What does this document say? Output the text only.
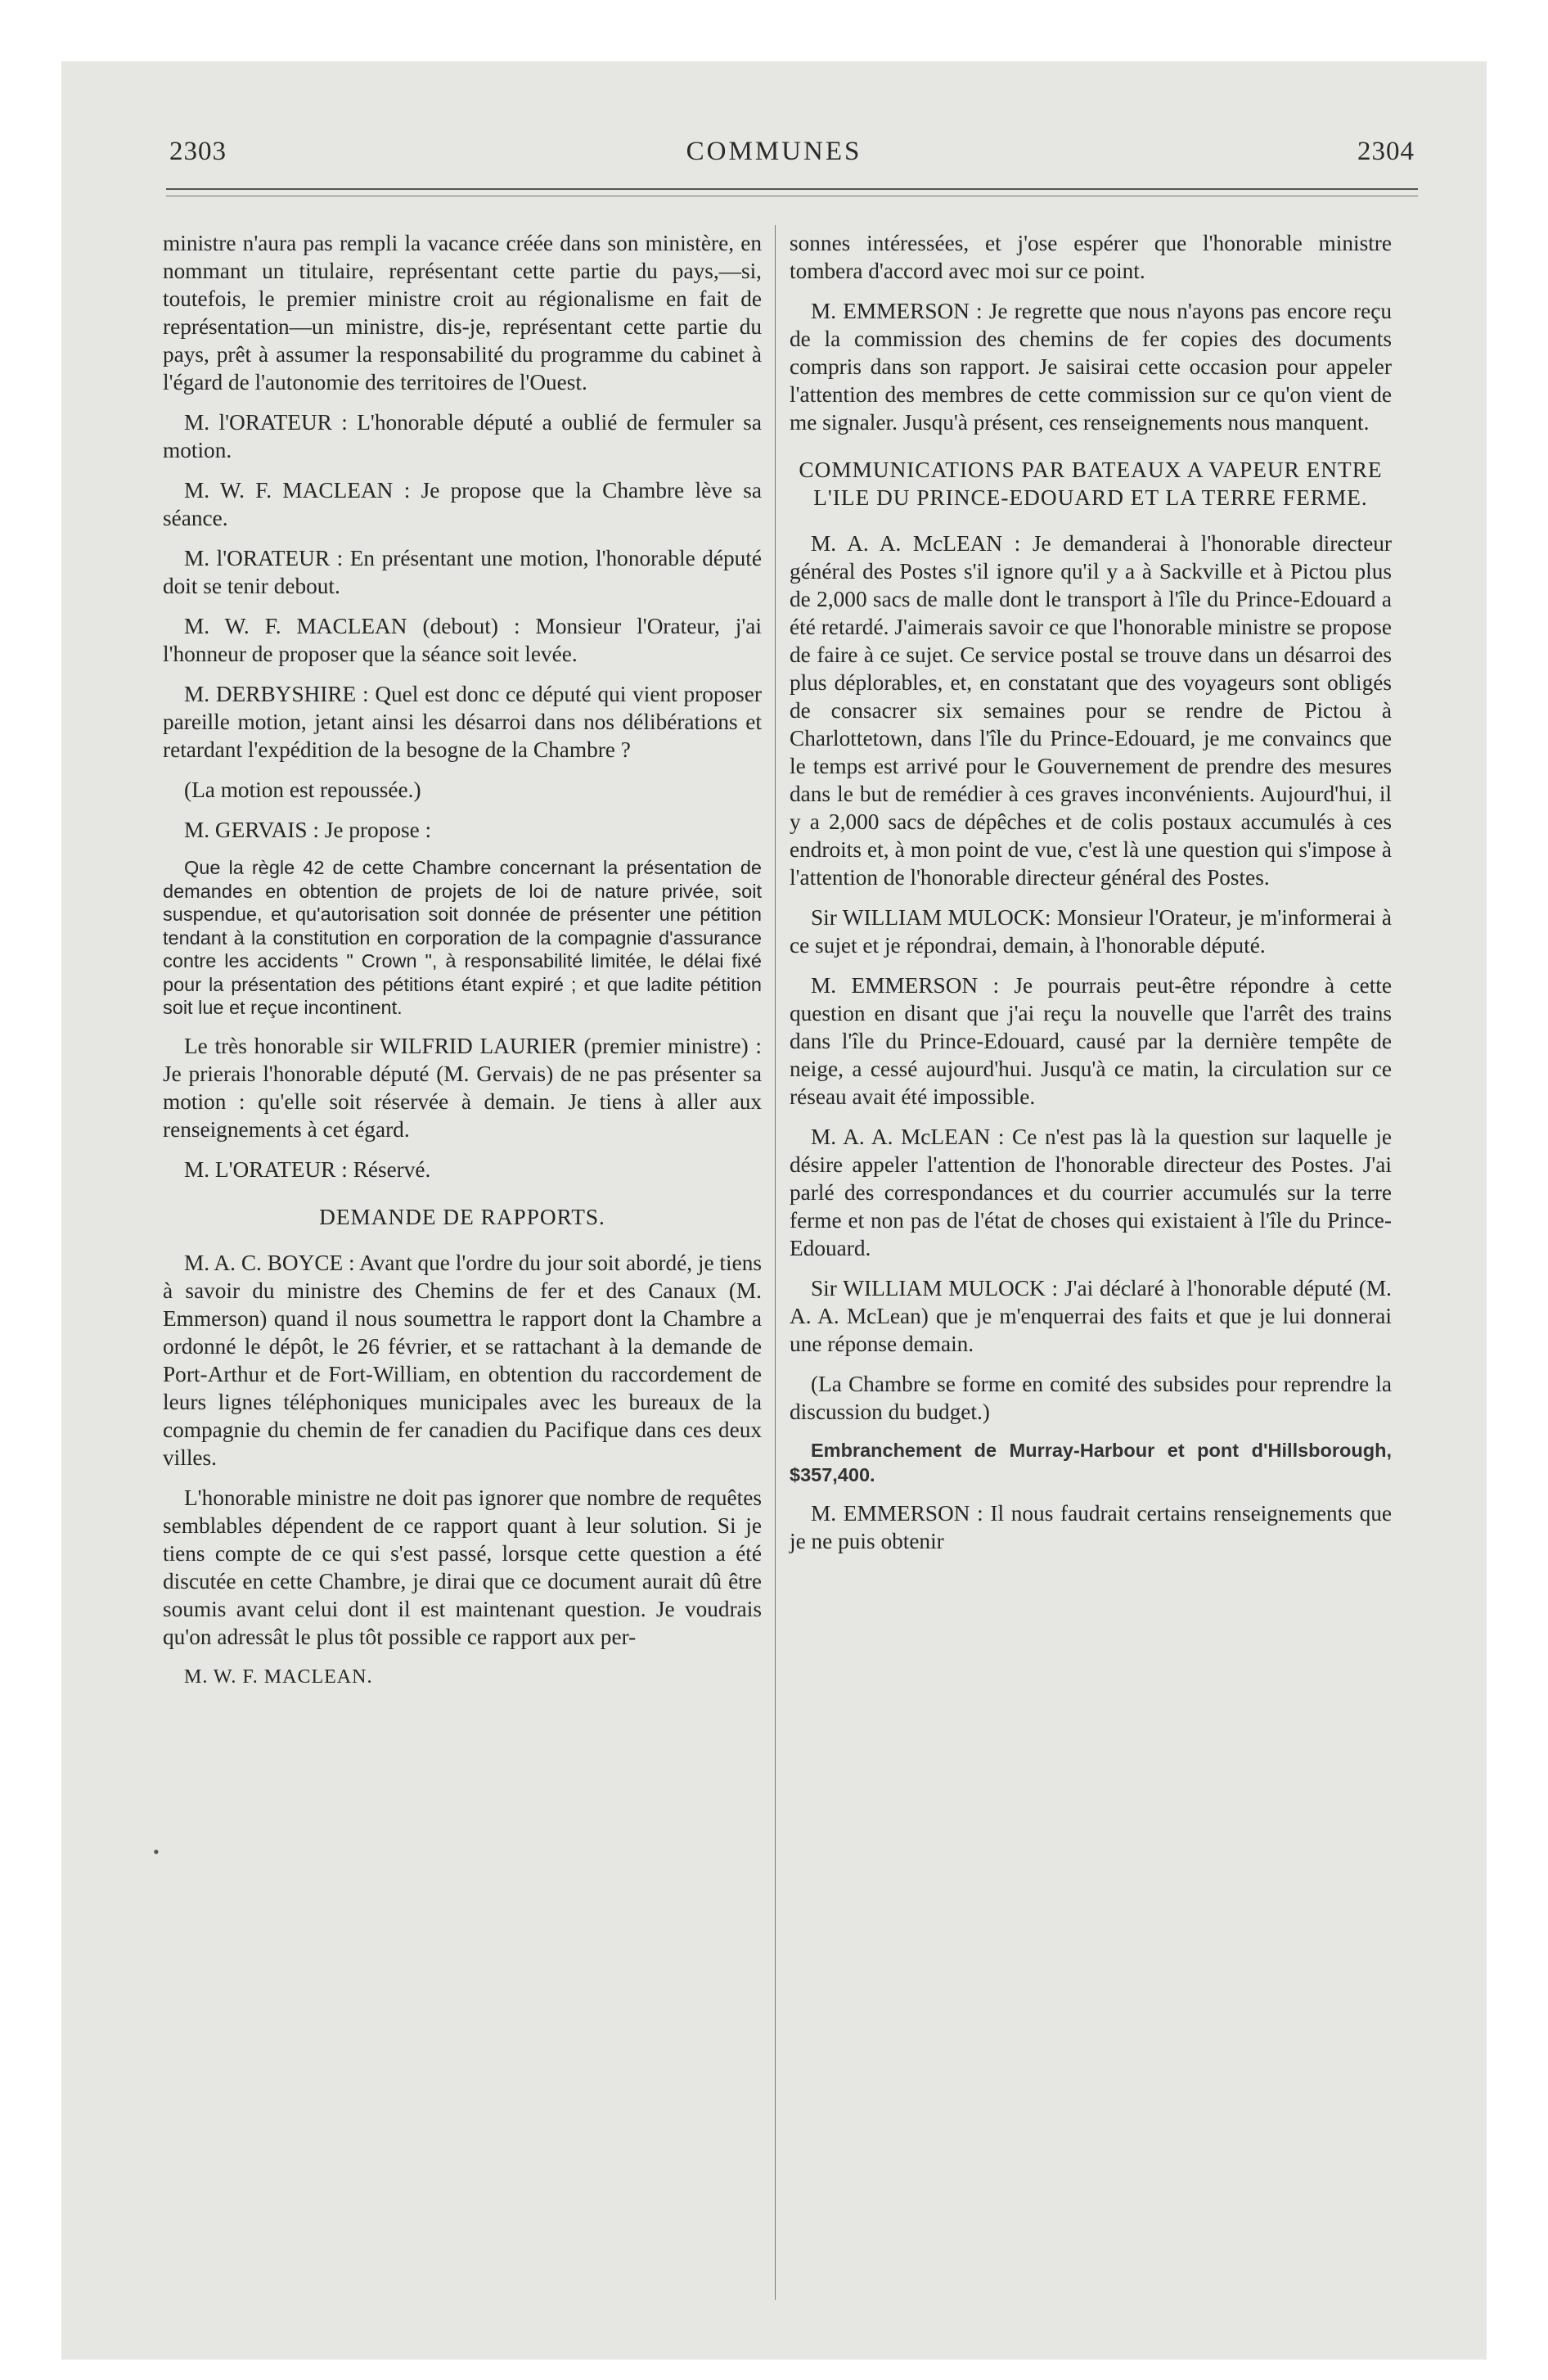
2303	COMMUNES	2304
•

ministre n'aura pas rempli la vacance créée dans son ministère, en nommant un titulaire, représentant cette partie du pays,—si, toutefois, le premier ministre croit au régionalisme en fait de représentation—un ministre, dis-je, représentant cette partie du pays, prêt à assumer la responsabilité du programme du cabinet à l'égard de l'autonomie des territoires de l'Ouest.

M. l'ORATEUR : L'honorable député a oublié de fermuler sa motion.

M. W. F. MACLEAN : Je propose que la Chambre lève sa séance.

M. l'ORATEUR : En présentant une motion, l'honorable député doit se tenir debout.

M. W. F. MACLEAN (debout) : Monsieur l'Orateur, j'ai l'honneur de proposer que la séance soit levée.

M. DERBYSHIRE : Quel est donc ce député qui vient proposer pareille motion, jetant ainsi les désarroi dans nos délibérations et retardant l'expédition de la besogne de la Chambre ?

(La motion est repoussée.)

M. GERVAIS : Je propose :

Que la règle 42 de cette Chambre concernant la présentation de demandes en obtention de projets de loi de nature privée, soit suspendue, et qu'autorisation soit donnée de présenter une pétition tendant à la constitution en corporation de la compagnie d'assurance contre les accidents " Crown ", à responsabilité limitée, le délai fixé pour la présentation des pétitions étant expiré ; et que ladite pétition soit lue et reçue incontinent.

Le très honorable sir WILFRID LAURIER (premier ministre) : Je prierais l'honorable député (M. Gervais) de ne pas présenter sa motion : qu'elle soit réservée à demain. Je tiens à aller aux renseignements à cet égard.

M. L'ORATEUR : Réservé.

DEMANDE DE RAPPORTS.

M. A. C. BOYCE : Avant que l'ordre du jour soit abordé, je tiens à savoir du ministre des Chemins de fer et des Canaux (M. Emmerson) quand il nous soumettra le rapport dont la Chambre a ordonné le dépôt, le 26 février, et se rattachant à la demande de Port-Arthur et de Fort-William, en obtention du raccordement de leurs lignes téléphoniques municipales avec les bureaux de la compagnie du chemin de fer canadien du Pacifique dans ces deux villes.

L'honorable ministre ne doit pas ignorer que nombre de requêtes semblables dépendent de ce rapport quant à leur solution. Si je tiens compte de ce qui s'est passé, lorsque cette question a été discutée en cette Chambre, je dirai que ce document aurait dû être soumis avant celui dont il est maintenant question. Je voudrais qu'on adressât le plus tôt possible ce rapport aux per-

M. W. F. MACLEAN.

sonnes intéressées, et j'ose espérer que l'honorable ministre tombera d'accord avec moi sur ce point.

M. EMMERSON : Je regrette que nous n'ayons pas encore reçu de la commission des chemins de fer copies des documents compris dans son rapport. Je saisirai cette occasion pour appeler l'attention des membres de cette commission sur ce qu'on vient de me signaler. Jusqu'à présent, ces renseignements nous manquent.

COMMUNICATIONS PAR BATEAUX A VAPEUR ENTRE L'ILE DU PRINCE-EDOUARD ET LA TERRE FERME.

M. A. A. McLEAN : Je demanderai à l'honorable directeur général des Postes s'il ignore qu'il y a à Sackville et à Pictou plus de 2,000 sacs de malle dont le transport à l'île du Prince-Edouard a été retardé. J'aimerais savoir ce que l'honorable ministre se propose de faire à ce sujet. Ce service postal se trouve dans un désarroi des plus déplorables, et, en constatant que des voyageurs sont obligés de consacrer six semaines pour se rendre de Pictou à Charlottetown, dans l'île du Prince-Edouard, je me convaincs que le temps est arrivé pour le Gouvernement de prendre des mesures dans le but de remédier à ces graves inconvénients. Aujourd'hui, il y a 2,000 sacs de dépêches et de colis postaux accumulés à ces endroits et, à mon point de vue, c'est là une question qui s'impose à l'attention de l'honorable directeur général des Postes.

Sir WILLIAM MULOCK: Monsieur l'Orateur, je m'informerai à ce sujet et je répondrai, demain, à l'honorable député.

M. EMMERSON : Je pourrais peut-être répondre à cette question en disant que j'ai reçu la nouvelle que l'arrêt des trains dans l'île du Prince-Edouard, causé par la dernière tempête de neige, a cessé aujourd'hui. Jusqu'à ce matin, la circulation sur ce réseau avait été impossible.

M. A. A. McLEAN : Ce n'est pas là la question sur laquelle je désire appeler l'attention de l'honorable directeur des Postes. J'ai parlé des correspondances et du courrier accumulés sur la terre ferme et non pas de l'état de choses qui existaient à l'île du Prince-Edouard.

Sir WILLIAM MULOCK : J'ai déclaré à l'honorable député (M. A. A. McLean) que je m'enquerrai des faits et que je lui donnerai une réponse demain.

(La Chambre se forme en comité des subsides pour reprendre la discussion du budget.)

Embranchement de Murray-Harbour et pont d'Hillsborough, $357,400.

M. EMMERSON : Il nous faudrait certains renseignements que je ne puis obtenir
